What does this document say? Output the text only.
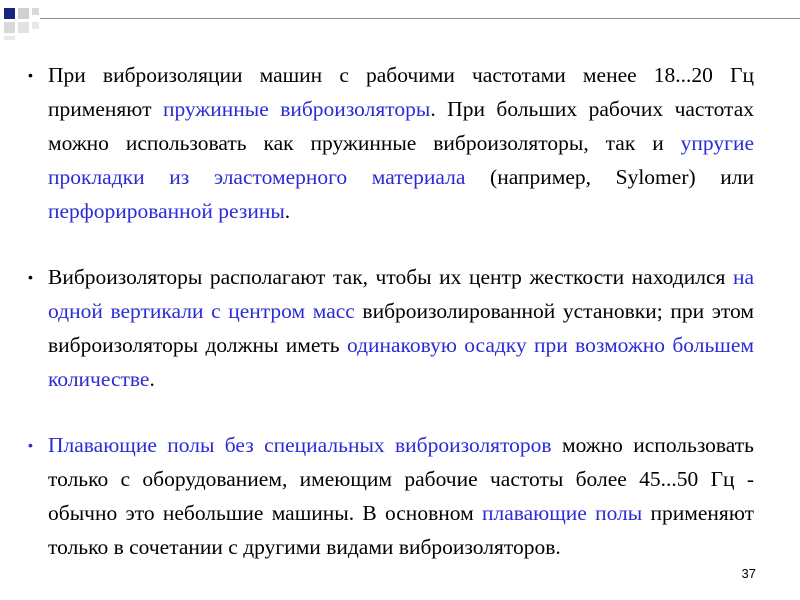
• При виброизоляции машин с рабочими частотами менее 18...20 Гц применяют пружинные виброизоляторы. При больших рабочих частотах можно использовать как пружинные виброизоляторы, так и упругие прокладки из эластомерного материала (например, Sylomer) или перфорированной резины.
• Виброизоляторы располагают так, чтобы их центр жесткости находился на одной вертикали с центром масс виброизолированной установки; при этом виброизоляторы должны иметь одинаковую осадку при возможно большем количестве.
• Плавающие полы без специальных виброизоляторов можно использовать только с оборудованием, имеющим рабочие частоты более 45...50 Гц - обычно это небольшие машины. В основном плавающие полы применяют только в сочетании с другими видами виброизоляторов.
37
